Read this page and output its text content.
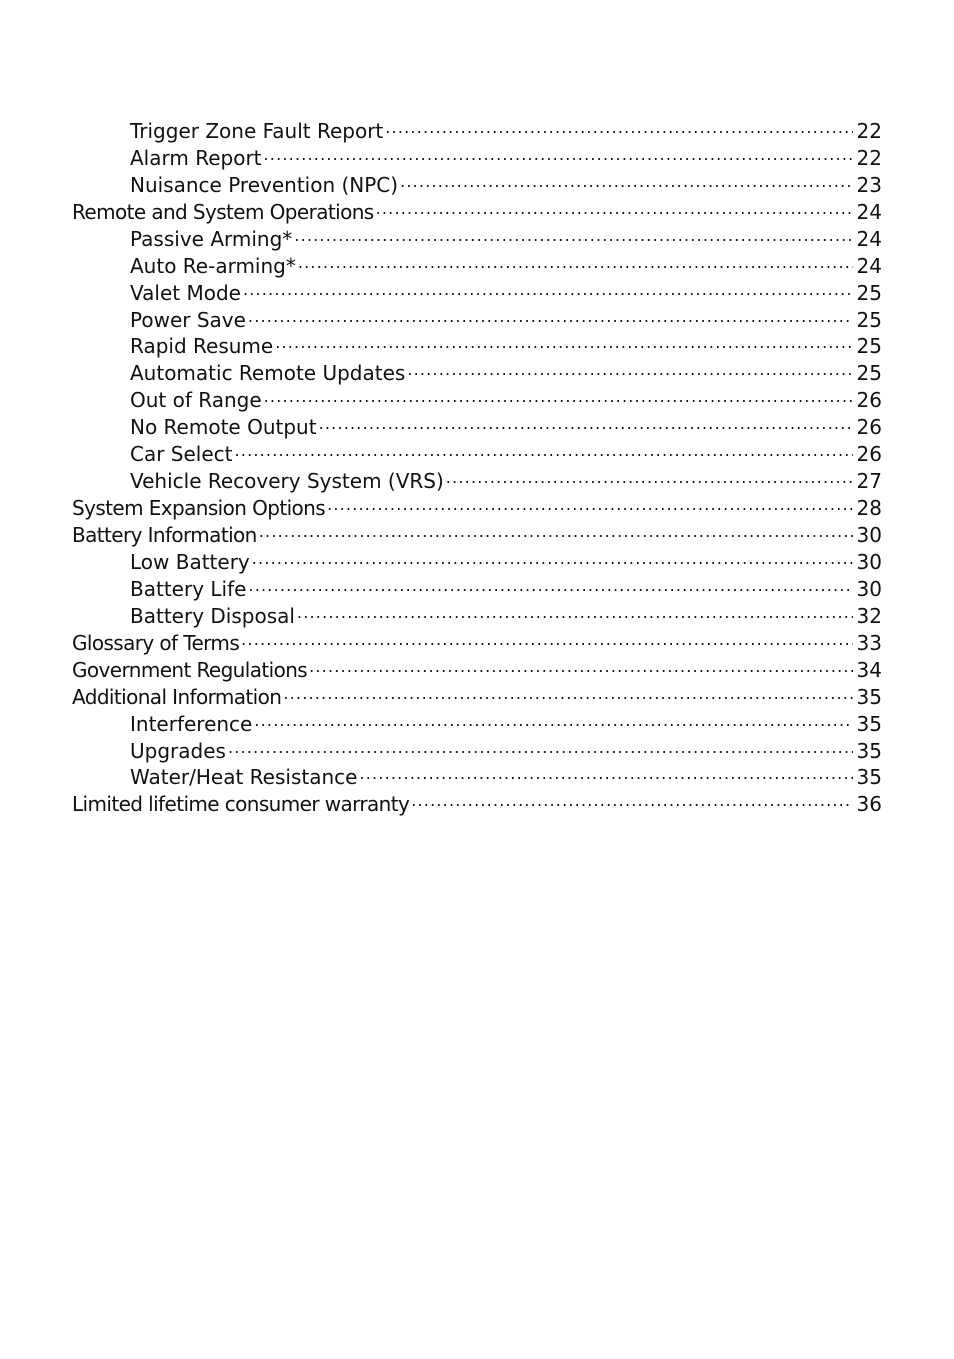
Trigger Zone Fault Report .....	22
Alarm Report .....	22
Nuisance Prevention (NPC) .....	23
Remote and System Operations .....	24
Passive Arming* .....	24
Auto Re-arming* .....	24
Valet Mode .....	25
Power Save .....	25
Rapid Resume .....	25
Automatic Remote Updates .....	25
Out of Range .....	26
No Remote Output .....	26
Car Select .....	26
Vehicle Recovery System (VRS) .....	27
System Expansion Options .....	28
Battery Information .....	30
Low Battery .....	30
Battery Life .....	30
Battery Disposal .....	32
Glossary of Terms .....	33
Government Regulations .....	34
Additional Information .....	35
Interference .....	35
Upgrades .....	35
Water/Heat Resistance .....	35
Limited lifetime consumer warranty .....	36
